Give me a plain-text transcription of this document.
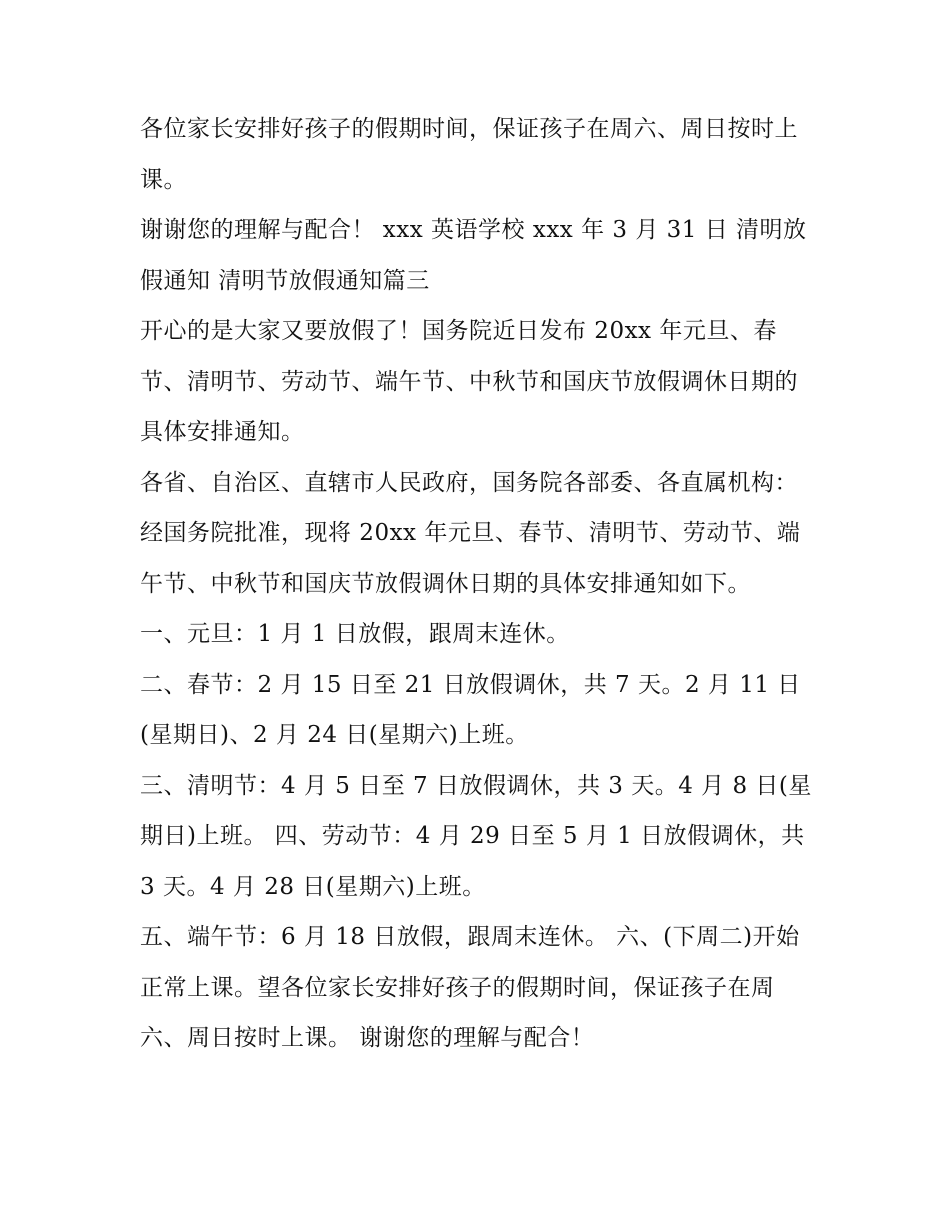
各位家长安排好孩子的假期时间，保证孩子在周六、周日按时上课。

谢谢您的理解与配合！ xxx 英语学校 xxx 年 3 月 31 日 清明放假通知 清明节放假通知篇三

开心的是大家又要放假了！国务院近日发布 20xx 年元旦、春节、清明节、劳动节、端午节、中秋节和国庆节放假调休日期的具体安排通知。

各省、自治区、直辖市人民政府，国务院各部委、各直属机构：

经国务院批准，现将 20xx 年元旦、春节、清明节、劳动节、端午节、中秋节和国庆节放假调休日期的具体安排通知如下。

一、元旦：1 月 1 日放假，跟周末连休。

二、春节：2 月 15 日至 21 日放假调休，共 7 天。2 月 11 日(星期日)、2 月 24 日(星期六)上班。

三、清明节：4 月 5 日至 7 日放假调休，共 3 天。4 月 8 日(星期日)上班。 四、劳动节：4 月 29 日至 5 月 1 日放假调休，共 3 天。4 月 28 日(星期六)上班。

五、端午节：6 月 18 日放假，跟周末连休。 六、(下周二)开始正常上课。望各位家长安排好孩子的假期时间，保证孩子在周六、周日按时上课。 谢谢您的理解与配合！
